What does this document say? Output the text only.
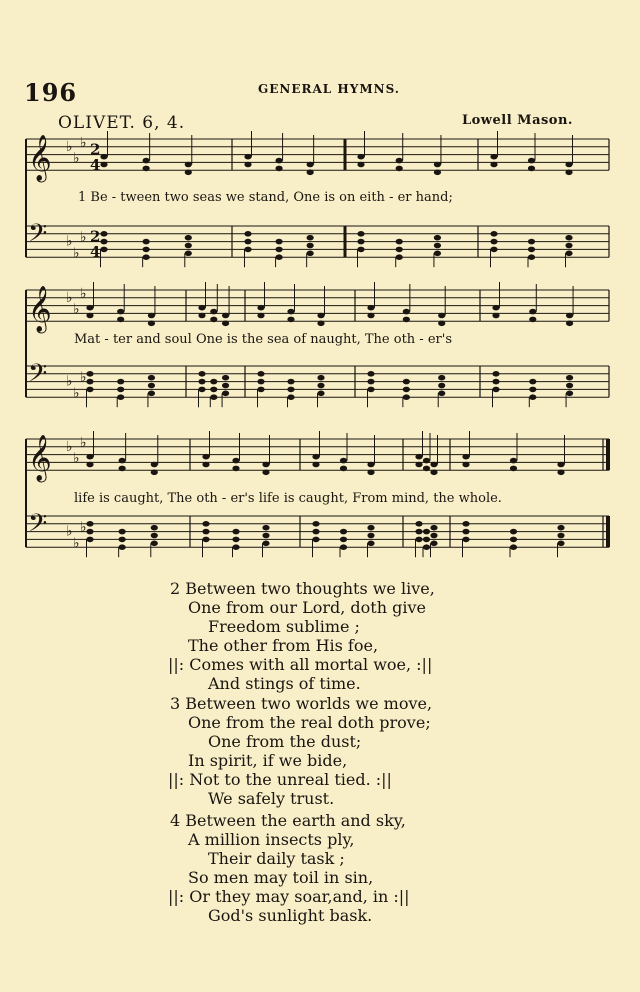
196	GENERAL HYMNS.
OLIVET. 6, 4.	Lowell Mason.
𝄞 ♭
♭
♭ 2
4
𝄢 ♭
♭
♭ 2
4
𝄞 ♭
♭
♭
𝄢 ♭
♭
♭
𝄞 ♭
♭
♭
𝄢 ♭
♭
♭
1 Be - tween two seas we stand, One is on eith - er hand;
Mat - ter and soul One is the sea of naught, The oth - er's
life is caught, The oth - er's life is caught, From mind, the whole.
2 Between two thoughts we live,
One from our Lord, doth give
Freedom sublime ;
The other from His foe,
||: Comes with all mortal woe, :||
And stings of time.
3 Between two worlds we move,
One from the real doth prove;
One from the dust;
In spirit, if we bide,
||: Not to the unreal tied. :||
We safely trust.
4 Between the earth and sky,
A million insects ply,
Their daily task ;
So men may toil in sin,
||: Or they may soar,and, in :||
God's sunlight bask.
